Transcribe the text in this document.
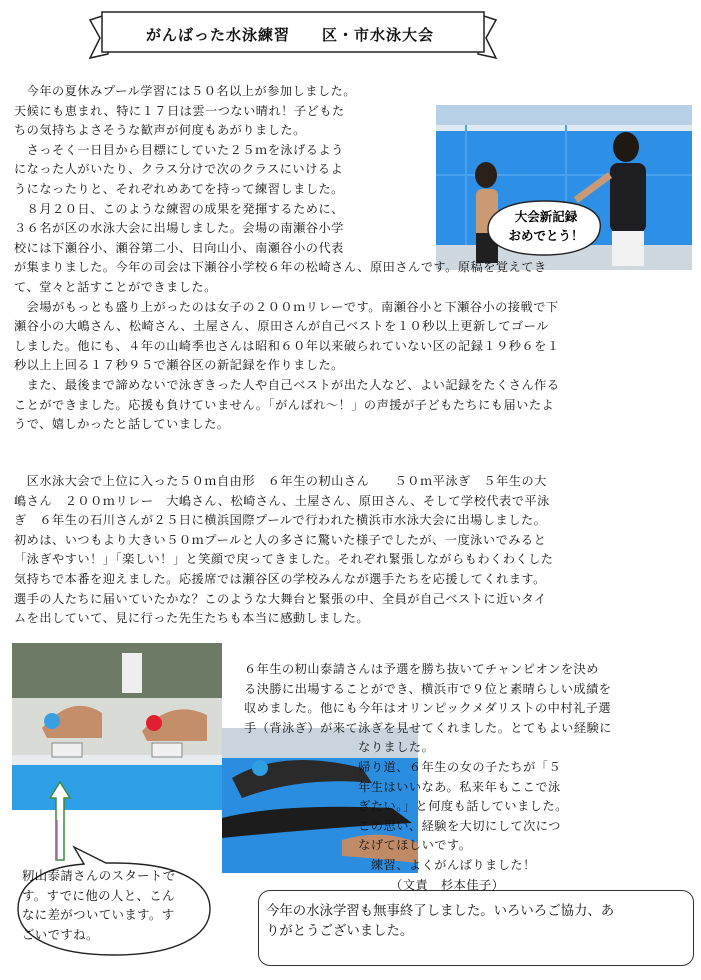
がんばった水泳練習　　区・市水泳大会
大会新記録
おめでとう！
　今年の夏休みプール学習には５０名以上が参加しました。
天候にも恵まれ、特に１７日は雲一つない晴れ！子どもた
ちの気持ちよさそうな歓声が何度もあがりました。
　さっそく一日目から目標にしていた２５ｍを泳げるよう
になった人がいたり、クラス分けで次のクラスにいけるよ
うになったりと、それぞれめあてを持って練習しました。
　８月２０日、このような練習の成果を発揮するために、
３６名が区の水泳大会に出場しました。会場の南瀬谷小学
校には下瀬谷小、瀬谷第二小、日向山小、南瀬谷小の代表
が集まりました。今年の司会は下瀬谷小学校６年の松崎さん、原田さんです。原稿を覚えてき
て、堂々と話すことができました。
　会場がもっとも盛り上がったのは女子の２００ｍリレーです。南瀬谷小と下瀬谷小の接戦で下
瀬谷小の大嶋さん、松崎さん、土屋さん、原田さんが自己ベストを１０秒以上更新してゴール
しました。他にも、４年の山崎季也さんは昭和６０年以来破られていない区の記録１９秒６を１
秒以上上回る１７秒９５で瀬谷区の新記録を作りました。
　また、最後まで諦めないで泳ぎきった人や自己ベストが出た人など、よい記録をたくさん作る
ことができました。応援も負けていません。「がんばれ〜！」の声援が子どもたちにも届いたよ
うで、嬉しかったと話していました。
　区水泳大会で上位に入った５０ｍ自由形　６年生の籾山さん　　５０ｍ平泳ぎ　５年生の大
嶋さん　２００ｍリレー　大嶋さん、松崎さん、土屋さん、原田さん、そして学校代表で平泳
ぎ　６年生の石川さんが２５日に横浜国際プールで行われた横浜市水泳大会に出場しました。
初めは、いつもより大きい５０ｍプールと人の多さに驚いた様子でしたが、一度泳いでみると
「泳ぎやすい！」「楽しい！」と笑顔で戻ってきました。それぞれ緊張しながらもわくわくした
気持ちで本番を迎えました。応援席では瀬谷区の学校みんなが選手たちを応援してくれます。
選手の人たちに届いていたかな？このような大舞台と緊張の中、全員が自己ベストに近いタイ
ムを出していて、見に行った先生たちも本当に感動しました。
６年生の籾山泰請さんは予選を勝ち抜いてチャンピオンを決め
る決勝に出場することができ、横浜市で９位と素晴らしい成績を
収めました。他にも今年はオリンピックメダリストの中村礼子選
手（背泳ぎ）が来て泳ぎを見せてくれました。とてもよい経験に
　　　　　　　　　なりました。
　　　　　　　　　帰り道、６年生の女の子たちが「５
　　　　　　　　　年生はいいなあ。私来年もここで泳
　　　　　　　　　ぎたい。」と何度も話していました。
　　　　　　　　　この思い、経験を大切にして次につ
　　　　　　　　　なげてほしいです。
　　　　　　　　　　練習、よくがんばりました！
　　　　　　　　　　　　（文責　杉本佳子）
籾山泰請さんのスタートで
す。すでに他の人と、こん
なに差がついています。す
ごいですね。
今年の水泳学習も無事終了しました。いろいろご協力、あ
りがとうございました。
